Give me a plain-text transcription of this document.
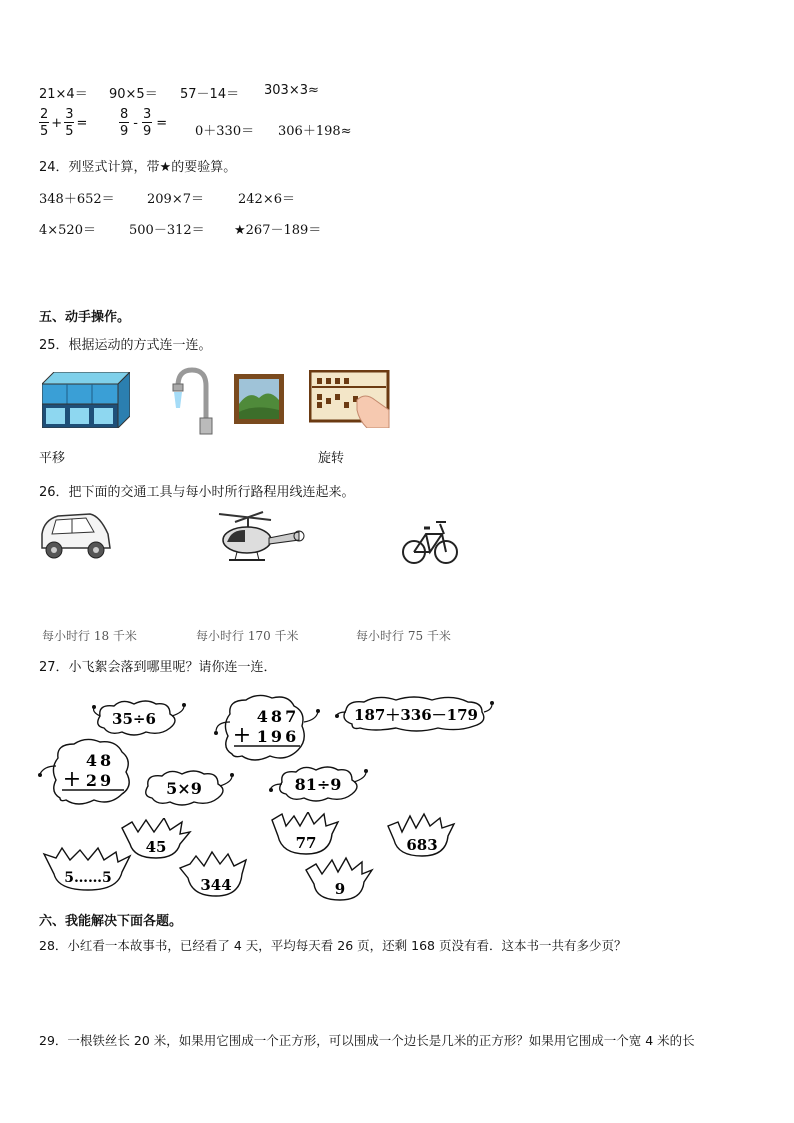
21×4＝ 90×5＝ 57－14＝ 303×3≈
$\frac{2}{5} + \frac{3}{5} = \frac{8}{9} - \frac{3}{9}$ =
0＋330＝ 306＋198≈
24．列竖式计算，带★的要验算。
348＋652＝ 209×7＝	242×6＝
4×520＝	500－312＝ ★267－189＝
五、动手操作。
25．根据运动的方式连一连。
平移	旋转
26．把下面的交通工具与每小时所行路程用线连起来。
每小时行 18 千米	每小时行 170 千米	每小时行 75 千米
27．小飞絮会落到哪里呢？请你连一连．
35÷6	487
+ 196
187＋336－179
48
+ 29	5×9	81÷9
45	77	683
5……5	344	9
六、我能解决下面各题。
28．小红看一本故事书，已经看了 4 天，平均每天看 26 页，还剩 168 页没有看．这本书一共有多少页？
29．一根铁丝长 20 米，如果用它围成一个正方形，可以围成一个边长是几米的正方形？如果用它围成一个宽 4 米的长
